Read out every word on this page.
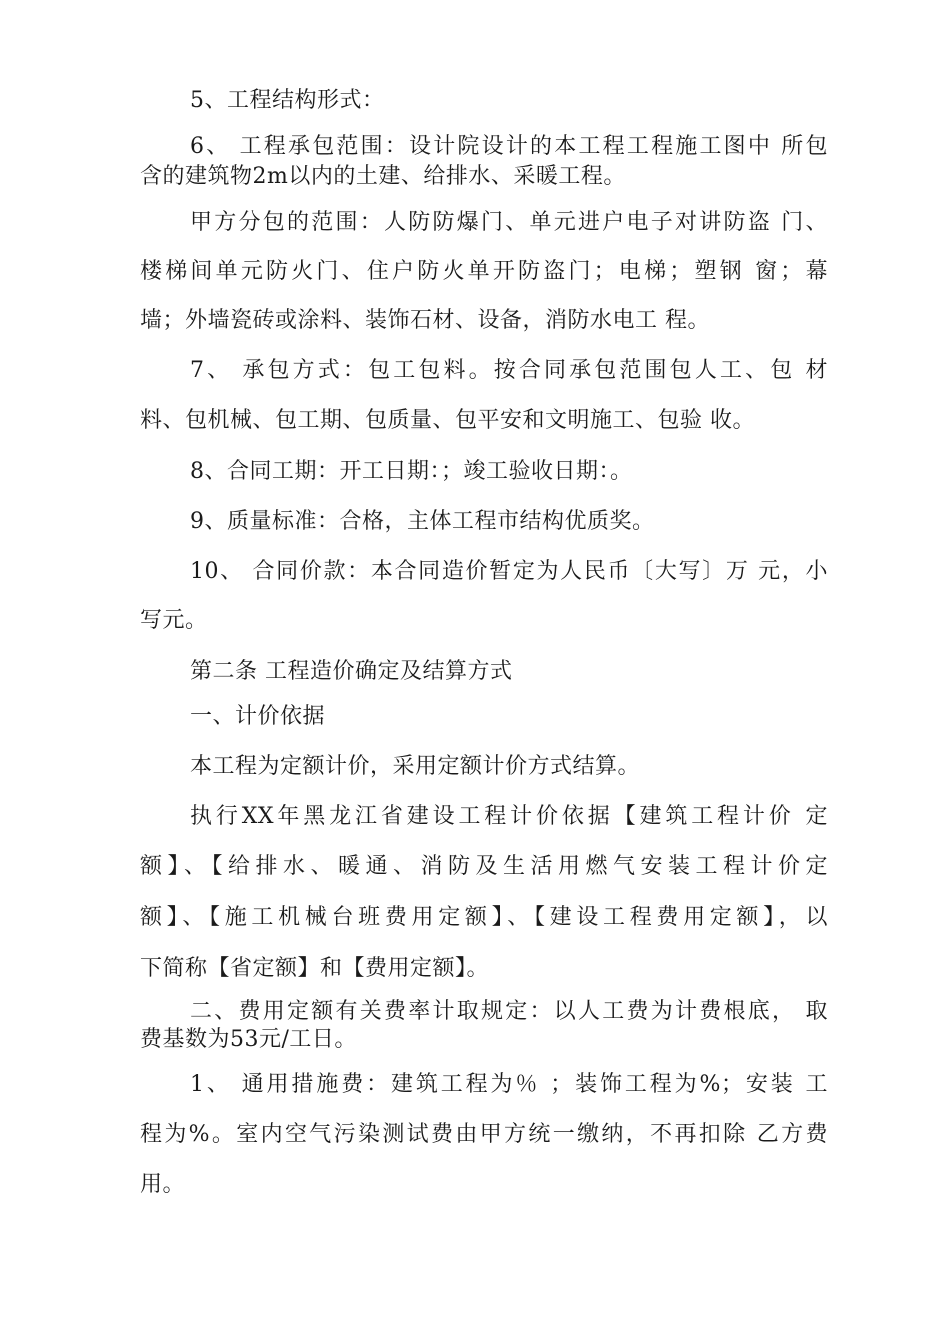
5、工程结构形式：
6、 工程承包范围：设计院设计的本工程工程施工图中 所包
含的建筑物2m以内的土建、给排水、采暖工程。
甲方分包的范围：人防防爆门、单元进户电子对讲防盗 门、
楼梯间单元防火门、住户防火单开防盗门；电梯；塑钢 窗；幕
墙；外墙瓷砖或涂料、装饰石材、设备，消防水电工 程。
7、 承包方式：包工包料。按合同承包范围包人工、包 材
料、包机械、包工期、包质量、包平安和文明施工、包验 收。
8、合同工期：开工日期：；竣工验收日期：。
9、质量标准：合格，主体工程市结构优质奖。
10、 合同价款：本合同造价暂定为人民币〔大写〕万 元，小
写元。
第二条 工程造价确定及结算方式
一、计价依据
本工程为定额计价，采用定额计价方式结算。
执行XX年黑龙江省建设工程计价依据【建筑工程计价 定
额】、【给排水、暖通、消防及生活用燃气安装工程计价定
额】、【施工机械台班费用定额】、【建设工程费用定额】，以
下简称【省定额】和【费用定额】。
二、费用定额有关费率计取规定：以人工费为计费根底， 取
费基数为53元/工日。
1、 通用措施费：建筑工程为％ ；装饰工程为%；安装 工
程为%。室内空气污染测试费由甲方统一缴纳，不再扣除 乙方费
用。
